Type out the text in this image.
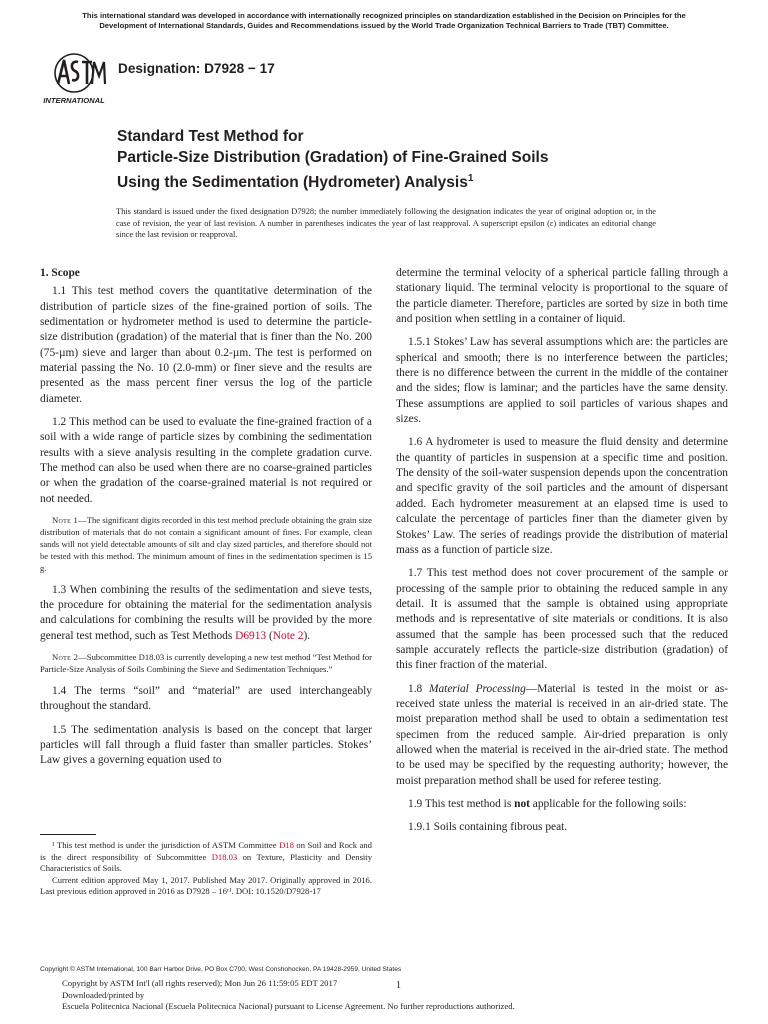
This international standard was developed in accordance with internationally recognized principles on standardization established in the Decision on Principles for the
Development of International Standards, Guides and Recommendations issued by the World Trade Organization Technical Barriers to Trade (TBT) Committee.
INTERNATIONAL
Designation: D7928 − 17
Standard Test Method for
Particle-Size Distribution (Gradation) of Fine-Grained Soils
Using the Sedimentation (Hydrometer) Analysis$^1$
This standard is issued under the fixed designation D7928; the number immediately following the designation indicates the year of original adoption or, in the case of revision, the year of last revision. A number in parentheses indicates the year of last reapproval. A superscript epsilon (ε) indicates an editorial change since the last revision or reapproval.

1. Scope

1.1 This test method covers the quantitative determination of the distribution of particle sizes of the fine-grained portion of soils. The sedimentation or hydrometer method is used to determine the particle-size distribution (gradation) of the material that is finer than the No. 200 (75-µm) sieve and larger than about 0.2-µm. The test is performed on material passing the No. 10 (2.0-mm) or finer sieve and the results are presented as the mass percent finer versus the log of the particle diameter.

1.2 This method can be used to evaluate the fine-grained fraction of a soil with a wide range of particle sizes by combining the sedimentation results with a sieve analysis resulting in the complete gradation curve. The method can also be used when there are no coarse-grained particles or when the gradation of the coarse-grained material is not required or not needed.

Note 1—The significant digits recorded in this test method preclude obtaining the grain size distribution of materials that do not contain a significant amount of fines. For example, clean sands will not yield detectable amounts of silt and clay sized particles, and therefore should not be tested with this method. The minimum amount of fines in the sedimentation specimen is 15 g.

1.3 When combining the results of the sedimentation and sieve tests, the procedure for obtaining the material for the sedimentation analysis and calculations for combining the results will be provided by the more general test method, such as Test Methods D6913 (Note 2).

Note 2—Subcommittee D18.03 is currently developing a new test method “Test Method for Particle-Size Analysis of Soils Combining the Sieve and Sedimentation Techniques.”

1.4 The terms “soil” and “material” are used interchangeably throughout the standard.

1.5 The sedimentation analysis is based on the concept that larger particles will fall through a fluid faster than smaller particles. Stokes’ Law gives a governing equation used to

¹ This test method is under the jurisdiction of ASTM Committee D18 on Soil and Rock and is the direct responsibility of Subcommittee D18.03 on Texture, Plasticity and Density Characteristics of Soils.

Current edition approved May 1, 2017. Published May 2017. Originally approved in 2016. Last previous edition approved in 2016 as D7928 – 16ᵋ¹. DOI: 10.1520/D7928-17

determine the terminal velocity of a spherical particle falling through a stationary liquid. The terminal velocity is proportional to the square of the particle diameter. Therefore, particles are sorted by size in both time and position when settling in a container of liquid.

1.5.1 Stokes’ Law has several assumptions which are: the particles are spherical and smooth; there is no interference between the particles; there is no difference between the current in the middle of the container and the sides; flow is laminar; and the particles have the same density. These assumptions are applied to soil particles of various shapes and sizes.

1.6 A hydrometer is used to measure the fluid density and determine the quantity of particles in suspension at a specific time and position. The density of the soil-water suspension depends upon the concentration and specific gravity of the soil particles and the amount of dispersant added. Each hydrometer measurement at an elapsed time is used to calculate the percentage of particles finer than the diameter given by Stokes’ Law. The series of readings provide the distribution of material mass as a function of particle size.

1.7 This test method does not cover procurement of the sample or processing of the sample prior to obtaining the reduced sample in any detail. It is assumed that the sample is obtained using appropriate methods and is representative of site materials or conditions. It is also assumed that the sample has been processed such that the reduced sample accurately reflects the particle-size distribution (gradation) of this finer fraction of the material.

1.8 Material Processing—Material is tested in the moist or as-received state unless the material is received in an air-dried state. The moist preparation method shall be used to obtain a sedimentation test specimen from the reduced sample. Air-dried preparation is only allowed when the material is received in the air-dried state. The method to be used may be specified by the requesting authority; however, the moist preparation method shall be used for referee testing.

1.9 This test method is not applicable for the following soils:

1.9.1 Soils containing fibrous peat.

Copyright © ASTM International, 100 Barr Harbor Drive, PO Box C700, West Conshohocken, PA 19428-2959. United States

Copyright by ASTM Int'l (all rights reserved); Mon Jun 26 11:59:05 EDT 2017

Downloaded/printed by

Escuela Politecnica Nacional (Escuela Politecnica Nacional) pursuant to License Agreement. No further reproductions authorized.

1
